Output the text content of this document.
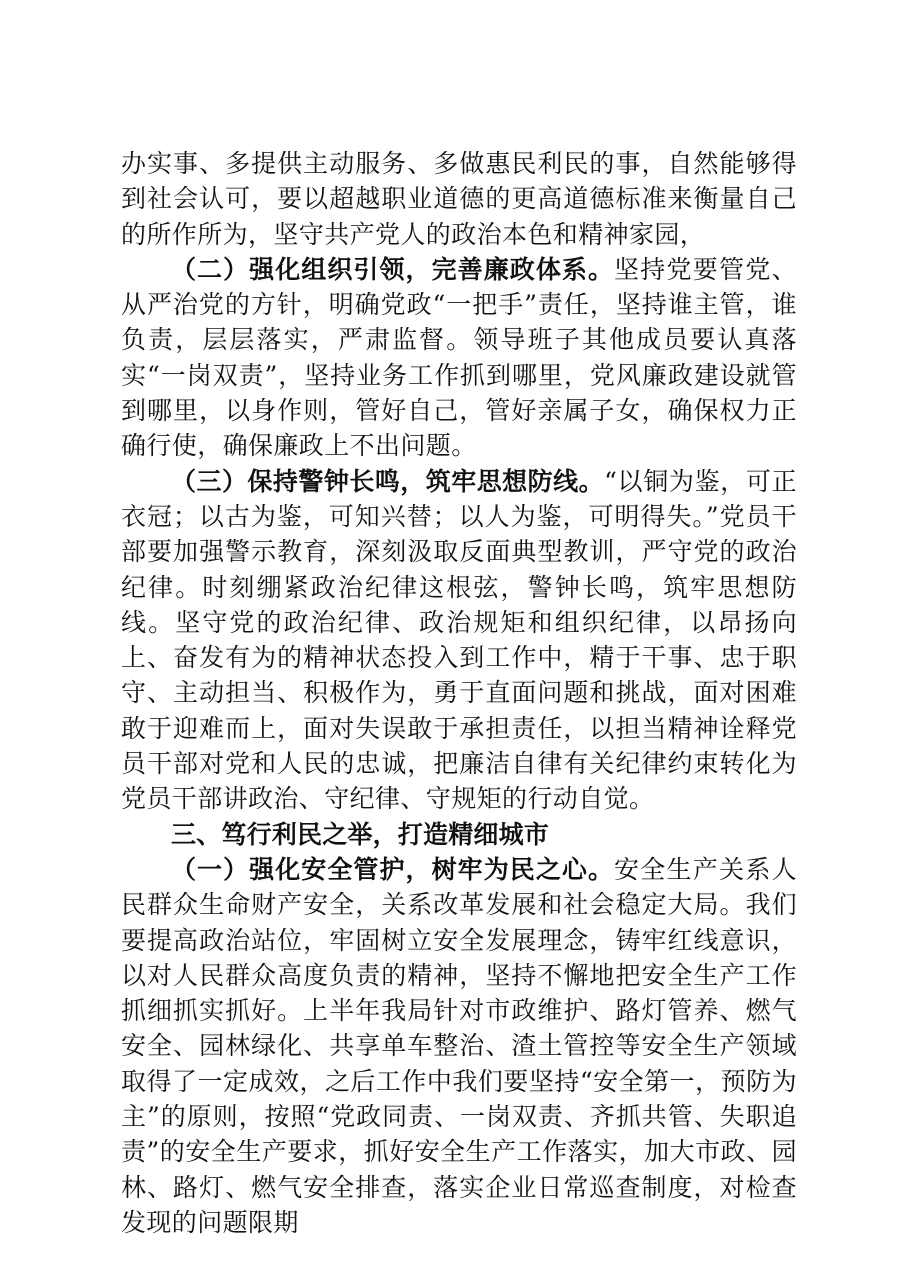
办实事、多提供主动服务、多做惠民利民的事，自然能够得到社会认可，要以超越职业道德的更高道德标准来衡量自己的所作所为，坚守共产党人的政治本色和精神家园，

（二）强化组织引领，完善廉政体系。坚持党要管党、从严治党的方针，明确党政“一把手”责任，坚持谁主管，谁负责，层层落实，严肃监督。领导班子其他成员要认真落实“一岗双责”，坚持业务工作抓到哪里，党风廉政建设就管到哪里，以身作则，管好自己，管好亲属子女，确保权力正确行使，确保廉政上不出问题。

（三）保持警钟长鸣，筑牢思想防线。“以铜为鉴，可正衣冠；以古为鉴，可知兴替；以人为鉴，可明得失。”党员干部要加强警示教育，深刻汲取反面典型教训，严守党的政治纪律。时刻绷紧政治纪律这根弦，警钟长鸣，筑牢思想防线。坚守党的政治纪律、政治规矩和组织纪律，以昂扬向上、奋发有为的精神状态投入到工作中，精于干事、忠于职守、主动担当、积极作为，勇于直面问题和挑战，面对困难敢于迎难而上，面对失误敢于承担责任，以担当精神诠释党员干部对党和人民的忠诚，把廉洁自律有关纪律约束转化为党员干部讲政治、守纪律、守规矩的行动自觉。

三、笃行利民之举，打造精细城市

（一）强化安全管护，树牢为民之心。安全生产关系人民群众生命财产安全，关系改革发展和社会稳定大局。我们要提高政治站位，牢固树立安全发展理念，铸牢红线意识，以对人民群众高度负责的精神，坚持不懈地把安全生产工作抓细抓实抓好。上半年我局针对市政维护、路灯管养、燃气安全、园林绿化、共享单车整治、渣土管控等安全生产领域取得了一定成效，之后工作中我们要坚持“安全第一，预防为主”的原则，按照“党政同责、一岗双责、齐抓共管、失职追责”的安全生产要求，抓好安全生产工作落实，加大市政、园林、路灯、燃气安全排查，落实企业日常巡查制度，对检查发现的问题限期
